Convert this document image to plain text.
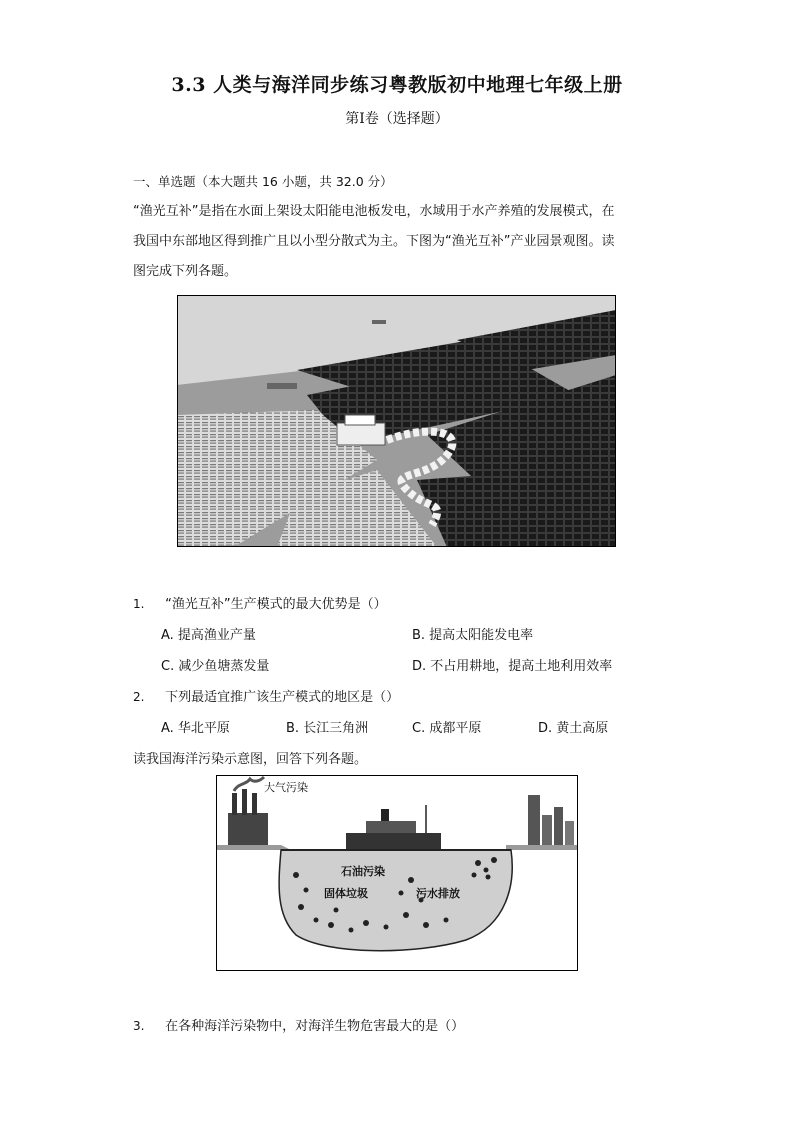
3.3 人类与海洋同步练习粤教版初中地理七年级上册
第Ⅰ卷（选择题）
一、单选题（本大题共 16 小题，共 32.0 分）
“渔光互补”是指在水面上架设太阳能电池板发电，水域用于水产养殖的发展模式，在
我国中东部地区得到推广且以小型分散式为主。下图为“渔光互补”产业园景观图。读
图完成下列各题。
1. “渔光互补”生产模式的最大优势是（）
A. 提高渔业产量	B. 提高太阳能发电率
C. 减少鱼塘蒸发量	D. 不占用耕地，提高土地利用效率
2. 下列最适宜推广该生产模式的地区是（）
A. 华北平原	B. 长江三角洲	C. 成都平原	D. 黄土高原
读我国海洋污染示意图，回答下列各题。
大气污染
石油污染
固体垃圾	污水排放
3. 在各种海洋污染物中，对海洋生物危害最大的是（）
